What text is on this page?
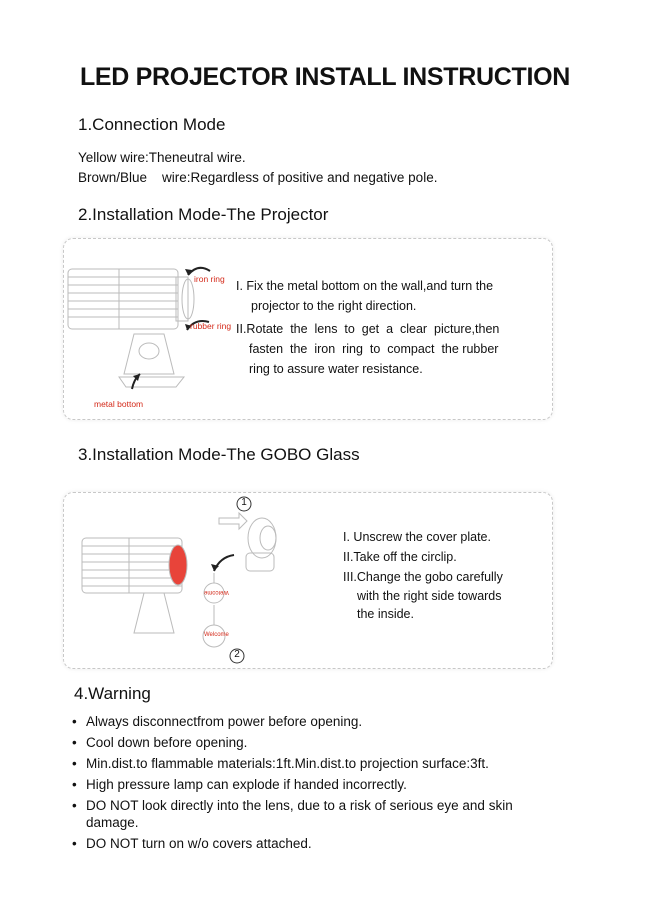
LED PROJECTOR INSTALL INSTRUCTION
1.Connection Mode
Yellow wire:Theneutral wire.
Brown/Blue    wire:Regardless of positive and negative pole.
2.Installation Mode-The Projector
iron ring
rubber ring
metal bottom
I. Fix the metal bottom on the wall,and turn the
projector to the right direction.
II.Rotate  the  lens  to  get  a  clear  picture,then
fasten  the  iron  ring  to  compact  the rubber
ring to assure water resistance.
3.Installation Mode-The GOBO Glass
1
2
Welcome
Welcome
I. Unscrew the cover plate.
II.Take off the circlip.
III.Change the gobo carefully
with the right side towards
the inside.
4.Warning
• Always disconnectfrom power before opening.
• Cool down before opening.
• Min.dist.to flammable materials:1ft.Min.dist.to projection surface:3ft.
• High pressure lamp can explode if handed incorrectly.
• DO NOT look directly into the lens, due to a risk of serious eye and skin damage.
• DO NOT turn on w/o covers attached.
